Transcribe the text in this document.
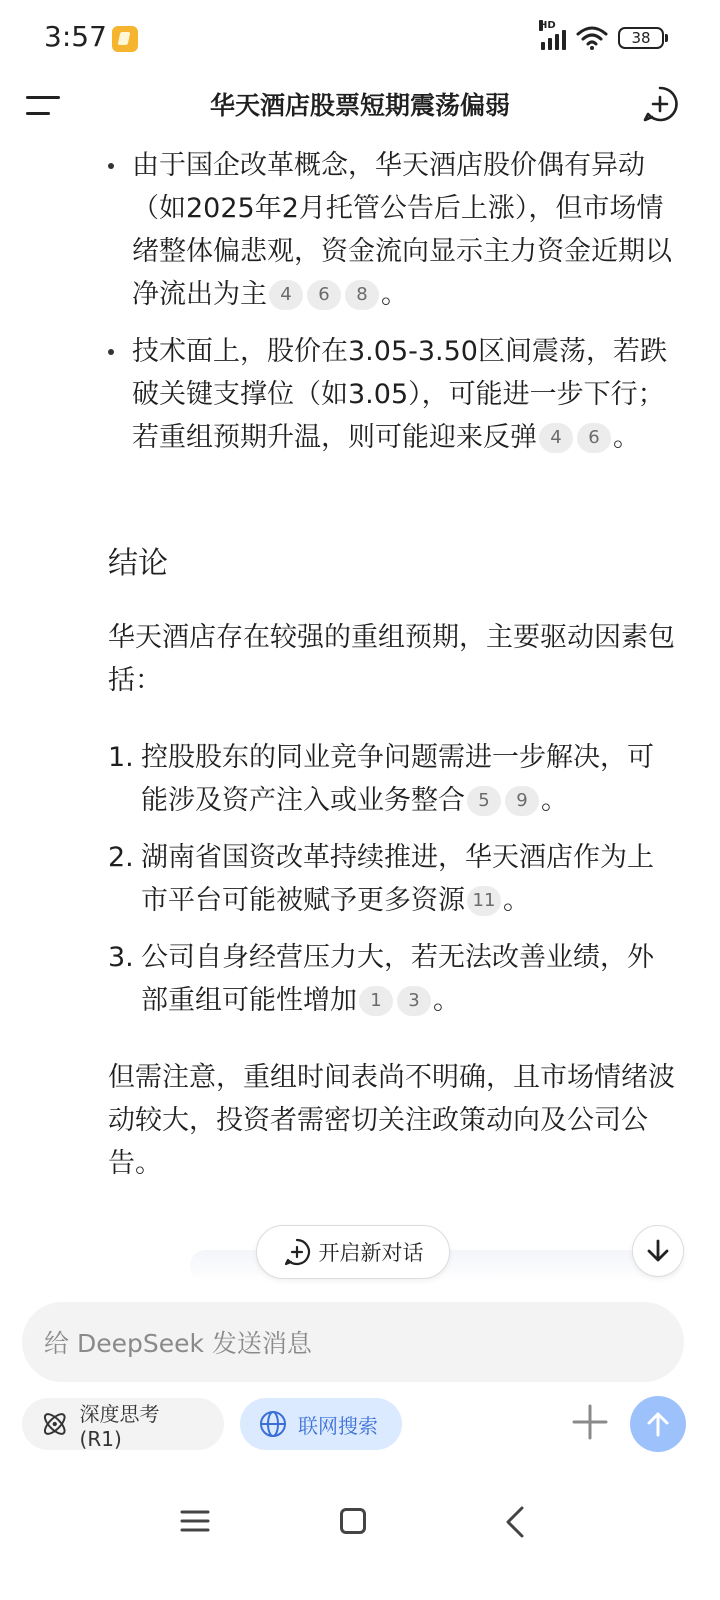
3:57	HD
38
华天酒店股票短期震荡偏弱
由于国企改革概念，华天酒店股价偶有异动（如2025年2月托管公告后上涨），但市场情绪整体偏悲观，资金流向显示主力资金近期以净流出为主 4 6 8 。
技术面上，股价在3.05-3.50区间震荡，若跌破关键支撑位（如3.05），可能进一步下行；若重组预期升温，则可能迎来反弹 4 6 。
结论
华天酒店存在较强的重组预期，主要驱动因素包括：
1. 控股股东的同业竞争问题需进一步解决，可能涉及资产注入或业务整合 5 9 。
2. 湖南省国资改革持续推进，华天酒店作为上市平台可能被赋予更多资源 11 。
3. 公司自身经营压力大，若无法改善业绩，外部重组可能性增加 1 3 。
但需注意，重组时间表尚不明确，且市场情绪波动较大，投资者需密切关注政策动向及公司公告。
开启新对话
给 DeepSeek 发送消息
深度思考 (R1)
联网搜索
